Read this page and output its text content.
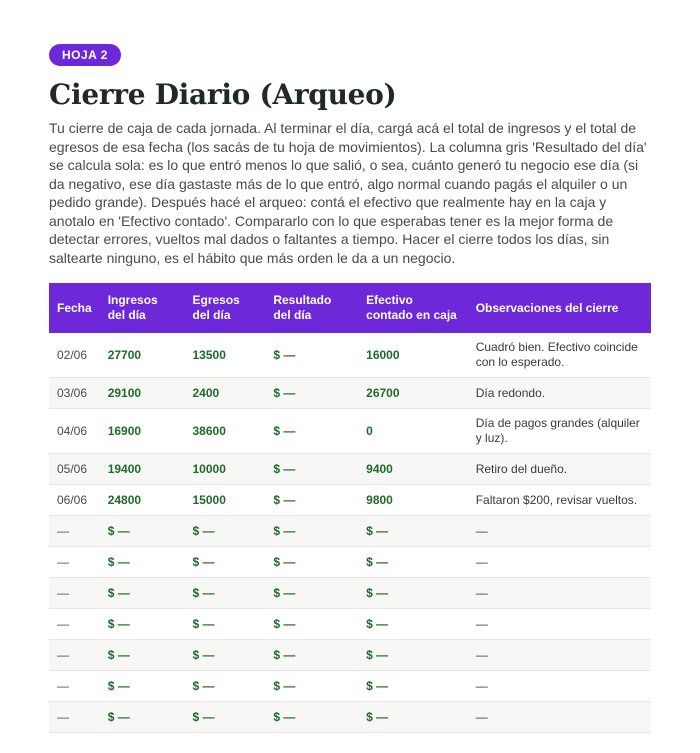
HOJA 2
Cierre Diario (Arqueo)

Tu cierre de caja de cada jornada. Al terminar el día, cargá acá el total de ingresos y el total de egresos de esa fecha (los sacás de tu hoja de movimientos). La columna gris 'Resultado del día' se calcula sola: es lo que entró menos lo que salió, o sea, cuánto generó tu negocio ese día (si da negativo, ese día gastaste más de lo que entró, algo normal cuando pagás el alquiler o un pedido grande). Después hacé el arqueo: contá el efectivo que realmente hay en la caja y anotalo en 'Efectivo contado'. Compararlo con lo que esperabas tener es la mejor forma de detectar errores, vueltos mal dados o faltantes a tiempo. Hacer el cierre todos los días, sin saltearte ninguno, es el hábito que más orden le da a un negocio.

Fecha	Ingresos del día	Egresos del día	Resultado del día	Efectivo contado en caja	Observaciones del cierre
02/06	27700	13500	$ —	16000	Cuadró bien. Efectivo coincide con lo esperado.
03/06	29100	2400	$ —	26700	Día redondo.
04/06	16900	38600	$ —	0	Día de pagos grandes (alquiler y luz).
05/06	19400	10000	$ —	9400	Retiro del dueño.
06/06	24800	15000	$ —	9800	Faltaron $200, revisar vueltos.
—	$ —	$ —	$ —	$ —	—
—	$ —	$ —	$ —	$ —	—
—	$ —	$ —	$ —	$ —	—
—	$ —	$ —	$ —	$ —	—
—	$ —	$ —	$ —	$ —	—
—	$ —	$ —	$ —	$ —	—
—	$ —	$ —	$ —	$ —	—
